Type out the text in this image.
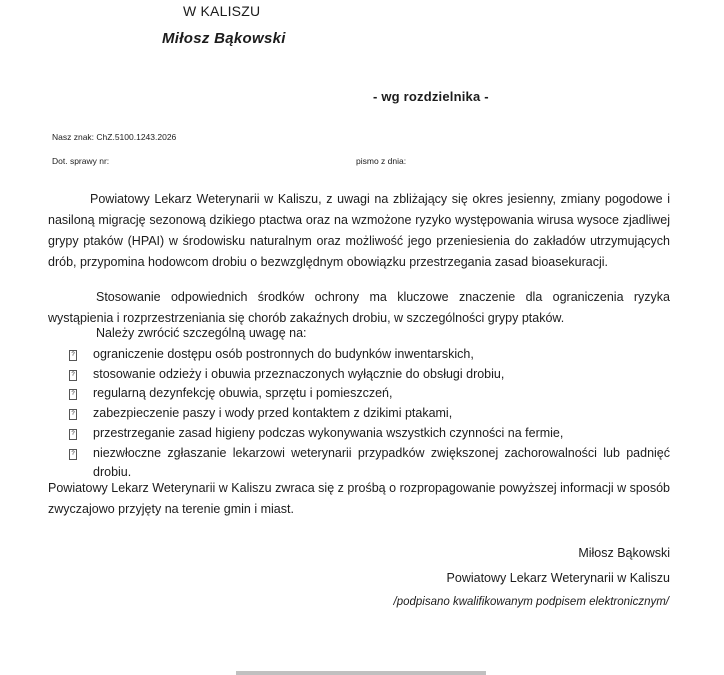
W KALISZU
Miłosz Bąkowski
- wg rozdzielnika -
Nasz znak: ChZ.5100.1243.2026
Dot. sprawy nr:	pismo z dnia:

Powiatowy Lekarz Weterynarii w Kaliszu, z uwagi na zbliżający się okres jesienny, zmiany pogodowe i nasiloną migrację sezonową dzikiego ptactwa oraz na wzmożone ryzyko występowania wirusa wysoce zjadliwej grypy ptaków (HPAI) w środowisku naturalnym oraz możliwość jego przeniesienia do zakładów utrzymujących drób, przypomina hodowcom drobiu o bezwzględnym obowiązku przestrzegania zasad bioasekuracji.

Stosowanie odpowiednich środków ochrony ma kluczowe znaczenie dla ograniczenia ryzyka wystąpienia i rozprzestrzeniania się chorób zakaźnych drobiu, w szczególności grypy ptaków.

Należy zwrócić szczególną uwagę na:
? ograniczenie dostępu osób postronnych do budynków inwentarskich,
? stosowanie odzieży i obuwia przeznaczonych wyłącznie do obsługi drobiu,
? regularną dezynfekcję obuwia, sprzętu i pomieszczeń,
? zabezpieczenie paszy i wody przed kontaktem z dzikimi ptakami,
? przestrzeganie zasad higieny podczas wykonywania wszystkich czynności na fermie,
? niezwłoczne zgłaszanie lekarzowi weterynarii przypadków zwiększonej zachorowalności lub padnięć drobiu.

Powiatowy Lekarz Weterynarii w Kaliszu zwraca się z prośbą o rozpropagowanie powyższej informacji w sposób zwyczajowo przyjęty na terenie gmin i miast.

Miłosz Bąkowski
Powiatowy Lekarz Weterynarii w Kaliszu
/podpisano kwalifikowanym podpisem elektronicznym/
